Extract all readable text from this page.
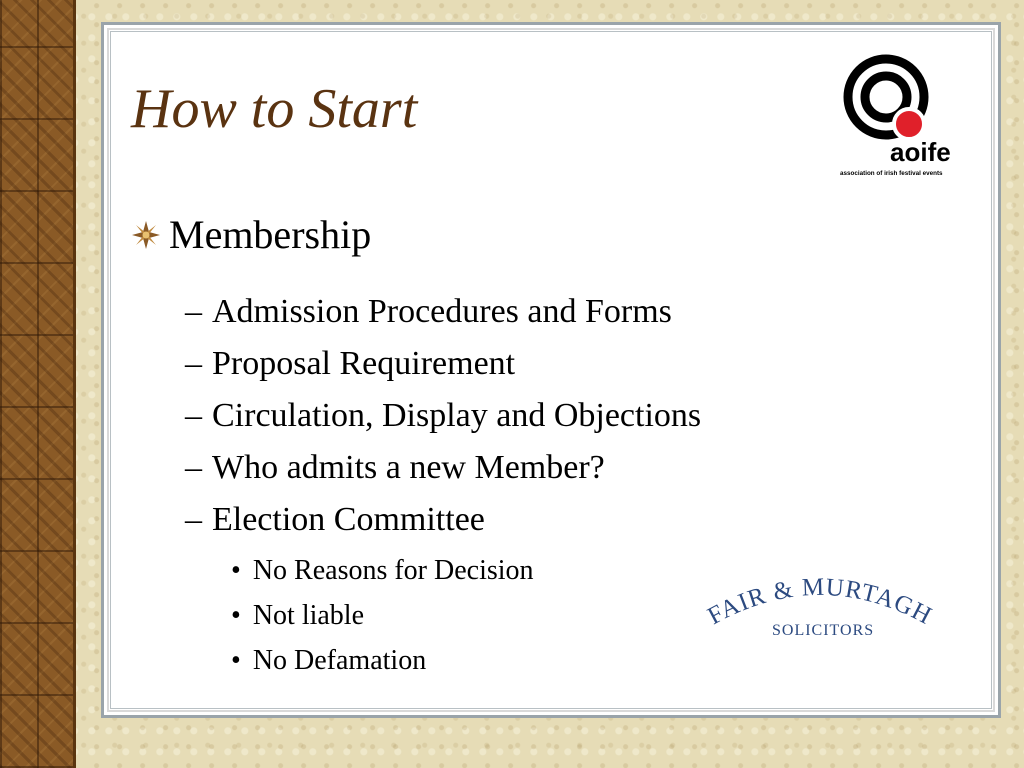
How to Start
aoife
association of irish festival events
Membership
– Admission Procedures and Forms
– Proposal Requirement
– Circulation, Display and Objections
– Who admits a new Member?
– Election Committee
• No Reasons for Decision
• Not liable
• No Defamation
FAIR & MURTAGH
SOLICITORS
